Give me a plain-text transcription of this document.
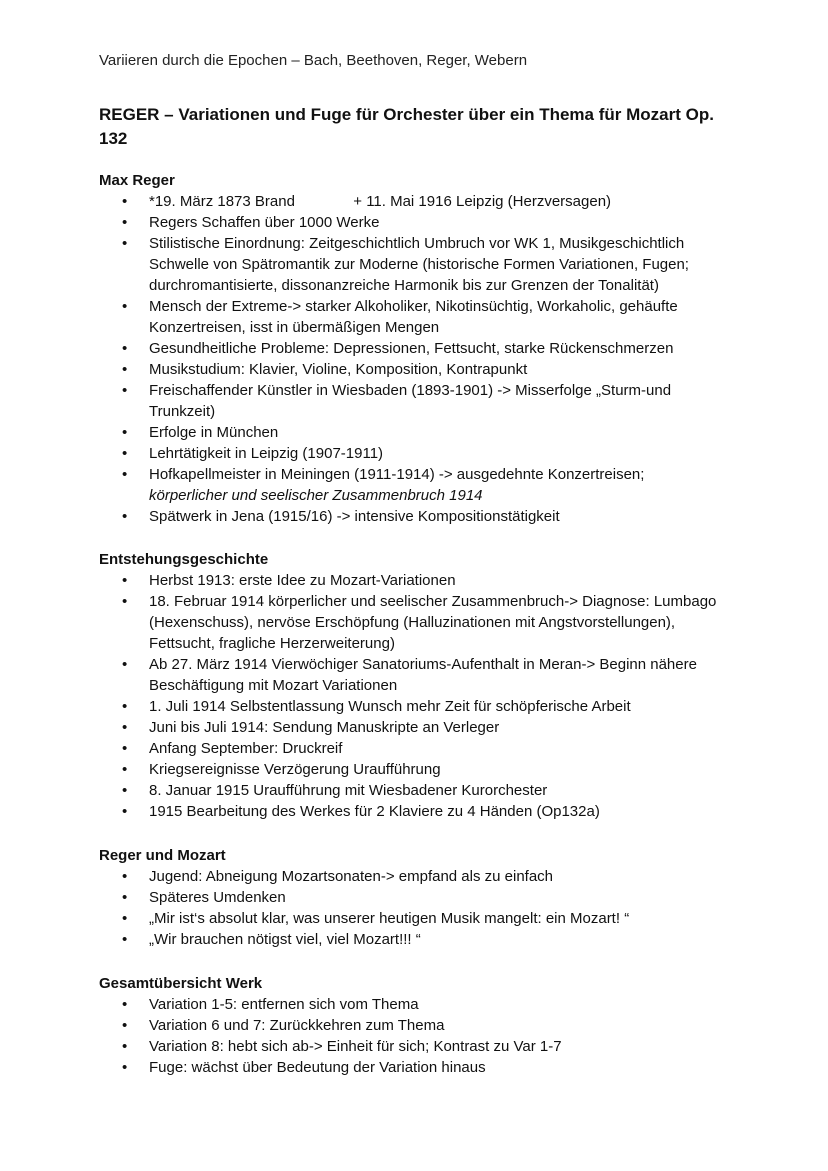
Variieren durch die Epochen – Bach, Beethoven, Reger, Webern
REGER – Variationen und Fuge für Orchester über ein Thema für Mozart Op. 132
Max Reger
• *19. März 1873 Brand              + 11. Mai 1916 Leipzig (Herzversagen)
• Regers Schaffen über 1000 Werke
• Stilistische Einordnung: Zeitgeschichtlich Umbruch vor WK 1, Musikgeschichtlich Schwelle von Spätromantik zur Moderne (historische Formen Variationen, Fugen; durchromantisierte, dissonanzreiche Harmonik bis zur Grenzen der Tonalität)
• Mensch der Extreme-> starker Alkoholiker, Nikotinsüchtig, Workaholic, gehäufte Konzertreisen, isst in übermäßigen Mengen
• Gesundheitliche Probleme: Depressionen, Fettsucht, starke Rückenschmerzen
• Musikstudium: Klavier, Violine, Komposition, Kontrapunkt
• Freischaffender Künstler in Wiesbaden (1893-1901) -> Misserfolge „Sturm-und Trunkzeit)
• Erfolge in München
• Lehrtätigkeit in Leipzig (1907-1911)
• Hofkapellmeister in Meiningen (1911-1914) -> ausgedehnte Konzertreisen;
körperlicher und seelischer Zusammenbruch 1914
• Spätwerk in Jena (1915/16) -> intensive Kompositionstätigkeit
Entstehungsgeschichte
• Herbst 1913: erste Idee zu Mozart-Variationen
• 18. Februar 1914 körperlicher und seelischer Zusammenbruch-> Diagnose: Lumbago (Hexenschuss), nervöse Erschöpfung (Halluzinationen mit Angstvorstellungen), Fettsucht, fragliche Herzerweiterung)
• Ab 27. März 1914 Vierwöchiger Sanatoriums-Aufenthalt in Meran-> Beginn nähere Beschäftigung mit Mozart Variationen
• 1. Juli 1914 Selbstentlassung Wunsch mehr Zeit für schöpferische Arbeit
• Juni bis Juli 1914: Sendung Manuskripte an Verleger
• Anfang September: Druckreif
• Kriegsereignisse Verzögerung Uraufführung
• 8. Januar 1915 Uraufführung mit Wiesbadener Kurorchester
• 1915 Bearbeitung des Werkes für 2 Klaviere zu 4 Händen (Op132a)
Reger und Mozart
• Jugend: Abneigung Mozartsonaten-> empfand als zu einfach
• Späteres Umdenken
• „Mir ist‘s absolut klar, was unserer heutigen Musik mangelt: ein Mozart! “
• „Wir brauchen nötigst viel, viel Mozart!!! “
Gesamtübersicht Werk
• Variation 1-5: entfernen sich vom Thema
• Variation 6 und 7: Zurückkehren zum Thema
• Variation 8: hebt sich ab-> Einheit für sich; Kontrast zu Var 1-7
• Fuge: wächst über Bedeutung der Variation hinaus
